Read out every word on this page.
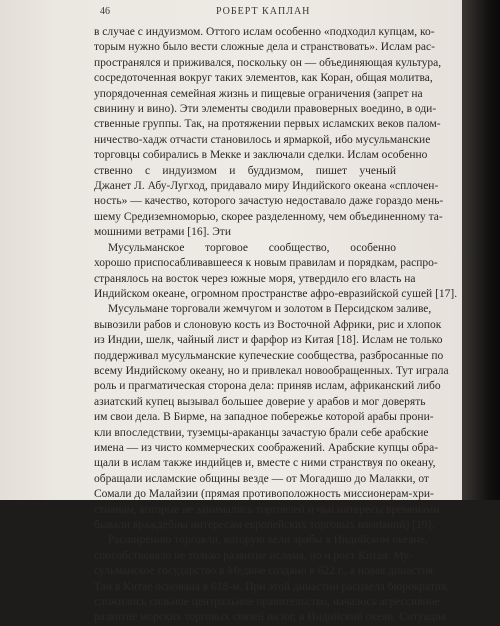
46	РОБЕРТ КАПЛАН
в случае с индуизмом. Оттого ислам особенно «подходил купцам, ко-
торым нужно было вести сложные дела и странствовать». Ислам рас-
пространялся и приживался, поскольку он — объединяющая культура,
сосредоточенная вокруг таких элементов, как Коран, общая молитва,
упорядоченная семейная жизнь и пищевые ограничения (запрет на
свинину и вино). Эти элементы сводили правоверных воедино, в оди-
ственные группы. Так, на протяжении первых исламских веков палом-
ничество-хадж отчасти становилось и ярмаркой, ибо мусульманские
торговцы собирались в Мекке и заключали сделки. Ислам особенно
ственно с индуизмом и буддизмом, пишет ученый
Джанет Л. Абу-Лугход, придавало миру Индийского океана «сплочен-
ность» — качество, которого зачастую недоставало даже гораздо мень-
шему Средиземноморью, скорее разделенному, чем объединенному та-
мошними ветрами [16]. Эти
Мусульманское торговое сообщество, особенно
хорошо приспосабливавшееся к новым правилам и порядкам, распро-
странялось на восток через южные моря, утвердило его власть на
Индийском океане, огромном пространстве афро-евразийской сушей [17].
Мусульмане торговали жемчугом и золотом в Персидском заливе,
вывозили рабов и слоновую кость из Восточной Африки, рис и хлопок
из Индии, шелк, чайный лист и фарфор из Китая [18]. Ислам не только
поддерживал мусульманские купеческие сообщества, разбросанные по
всему Индийскому океану, но и привлекал новообращенных. Тут играла
роль и прагматическая сторона дела: приняв ислам, африканский либо
азиатский купец вызывал большее доверие у арабов и мог доверять
им свои дела. В Бирме, на западное побережье которой арабы прони-
кли впоследствии, туземцы-араканцы зачастую брали себе арабские
имена — из чисто коммерческих соображений. Арабские купцы обра-
щали в ислам также индийцев и, вместе с ними странствуя по океану,
обращали исламские общины везде — от Могадишо до Малакки, от
Сомали до Малайзии (прямая противоположность миссионерам-хри-
стианам, которые не занимались торговлей и чьи интересы временами
бывали враждебны интересам европейских торговых компаний) [19].
Расширению торговли, которую вели арабы в Индийском океане,
способствовало не только развитие ислама, но и рост Китая. Му-
сульманское государство в Медине создано в 622 г., а новая династия
Тан в Китае основана в 618-м. При этой династии расцвела бюрократия,
сложилось сильное центральное правительство, началось агрессивное
развитие морских торговых связей на юг, в Индийский океан. Ситуация
